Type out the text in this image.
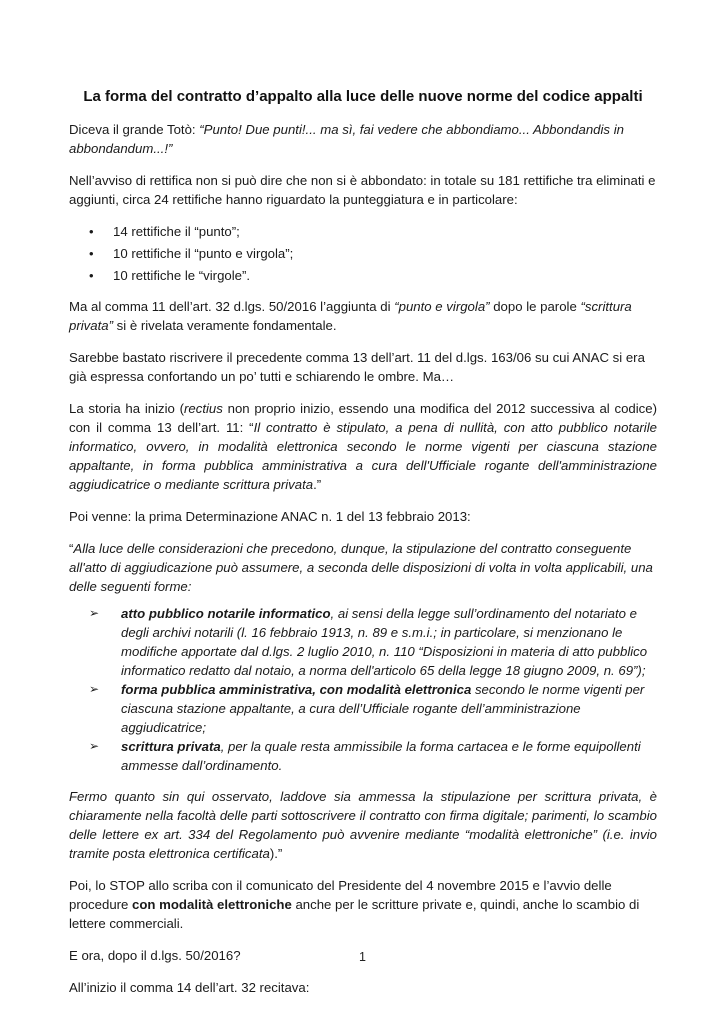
La forma del contratto d’appalto alla luce delle nuove norme del codice appalti

Diceva il grande Totò: “Punto! Due punti!... ma sì, fai vedere che abbondiamo... Abbondandis in abbondandum...!”

Nell’avviso di rettifica non si può dire che non si è abbondato: in totale su 181 rettifiche tra eliminati e aggiunti, circa 24 rettifiche hanno riguardato la punteggiatura e in particolare:

• 14 rettifiche il “punto”;
• 10 rettifiche il “punto e virgola”;
• 10 rettifiche le “virgole”.

Ma al comma 11 dell’art. 32 d.lgs. 50/2016 l’aggiunta di “punto e virgola” dopo le parole “scrittura privata” si è rivelata veramente fondamentale.

Sarebbe bastato riscrivere il precedente comma 13 dell’art. 11 del d.lgs. 163/06 su cui ANAC si era già espressa confortando un po’ tutti e schiarendo le ombre. Ma…

La storia ha inizio (rectius non proprio inizio, essendo una modifica del 2012 successiva al codice) con il comma 13 dell’art. 11: “Il contratto è stipulato, a pena di nullità, con atto pubblico notarile informatico, ovvero, in modalità elettronica secondo le norme vigenti per ciascuna stazione appaltante, in forma pubblica amministrativa a cura dell'Ufficiale rogante dell'amministrazione aggiudicatrice o mediante scrittura privata.”

Poi venne: la prima Determinazione ANAC n. 1 del 13 febbraio 2013:

“Alla luce delle considerazioni che precedono, dunque, la stipulazione del contratto conseguente all'atto di aggiudicazione può assumere, a seconda delle disposizioni di volta in volta applicabili, una delle seguenti forme:

➢ atto pubblico notarile informatico, ai sensi della legge sull’ordinamento del notariato e degli archivi notarili (l. 16 febbraio 1913, n. 89 e s.m.i.; in particolare, si menzionano le modifiche apportate dal d.lgs. 2 luglio 2010, n. 110 “Disposizioni in materia di atto pubblico informatico redatto dal notaio, a norma dell'articolo 65 della legge 18 giugno 2009, n. 69”);
➢ forma pubblica amministrativa, con modalità elettronica secondo le norme vigenti per ciascuna stazione appaltante, a cura dell’Ufficiale rogante dell’amministrazione aggiudicatrice;
➢ scrittura privata, per la quale resta ammissibile la forma cartacea e le forme equipollenti ammesse dall’ordinamento.

Fermo quanto sin qui osservato, laddove sia ammessa la stipulazione per scrittura privata, è chiaramente nella facoltà delle parti sottoscrivere il contratto con firma digitale; parimenti, lo scambio delle lettere ex art. 334 del Regolamento può avvenire mediante “modalità elettroniche” (i.e. invio tramite posta elettronica certificata).”

Poi, lo STOP allo scriba con il comunicato del Presidente del 4 novembre 2015 e l’avvio delle procedure con modalità elettroniche anche per le scritture private e, quindi, anche lo scambio di lettere commerciali.

E ora, dopo il d.lgs. 50/2016?

All’inizio il comma 14 dell’art. 32 recitava:

1
